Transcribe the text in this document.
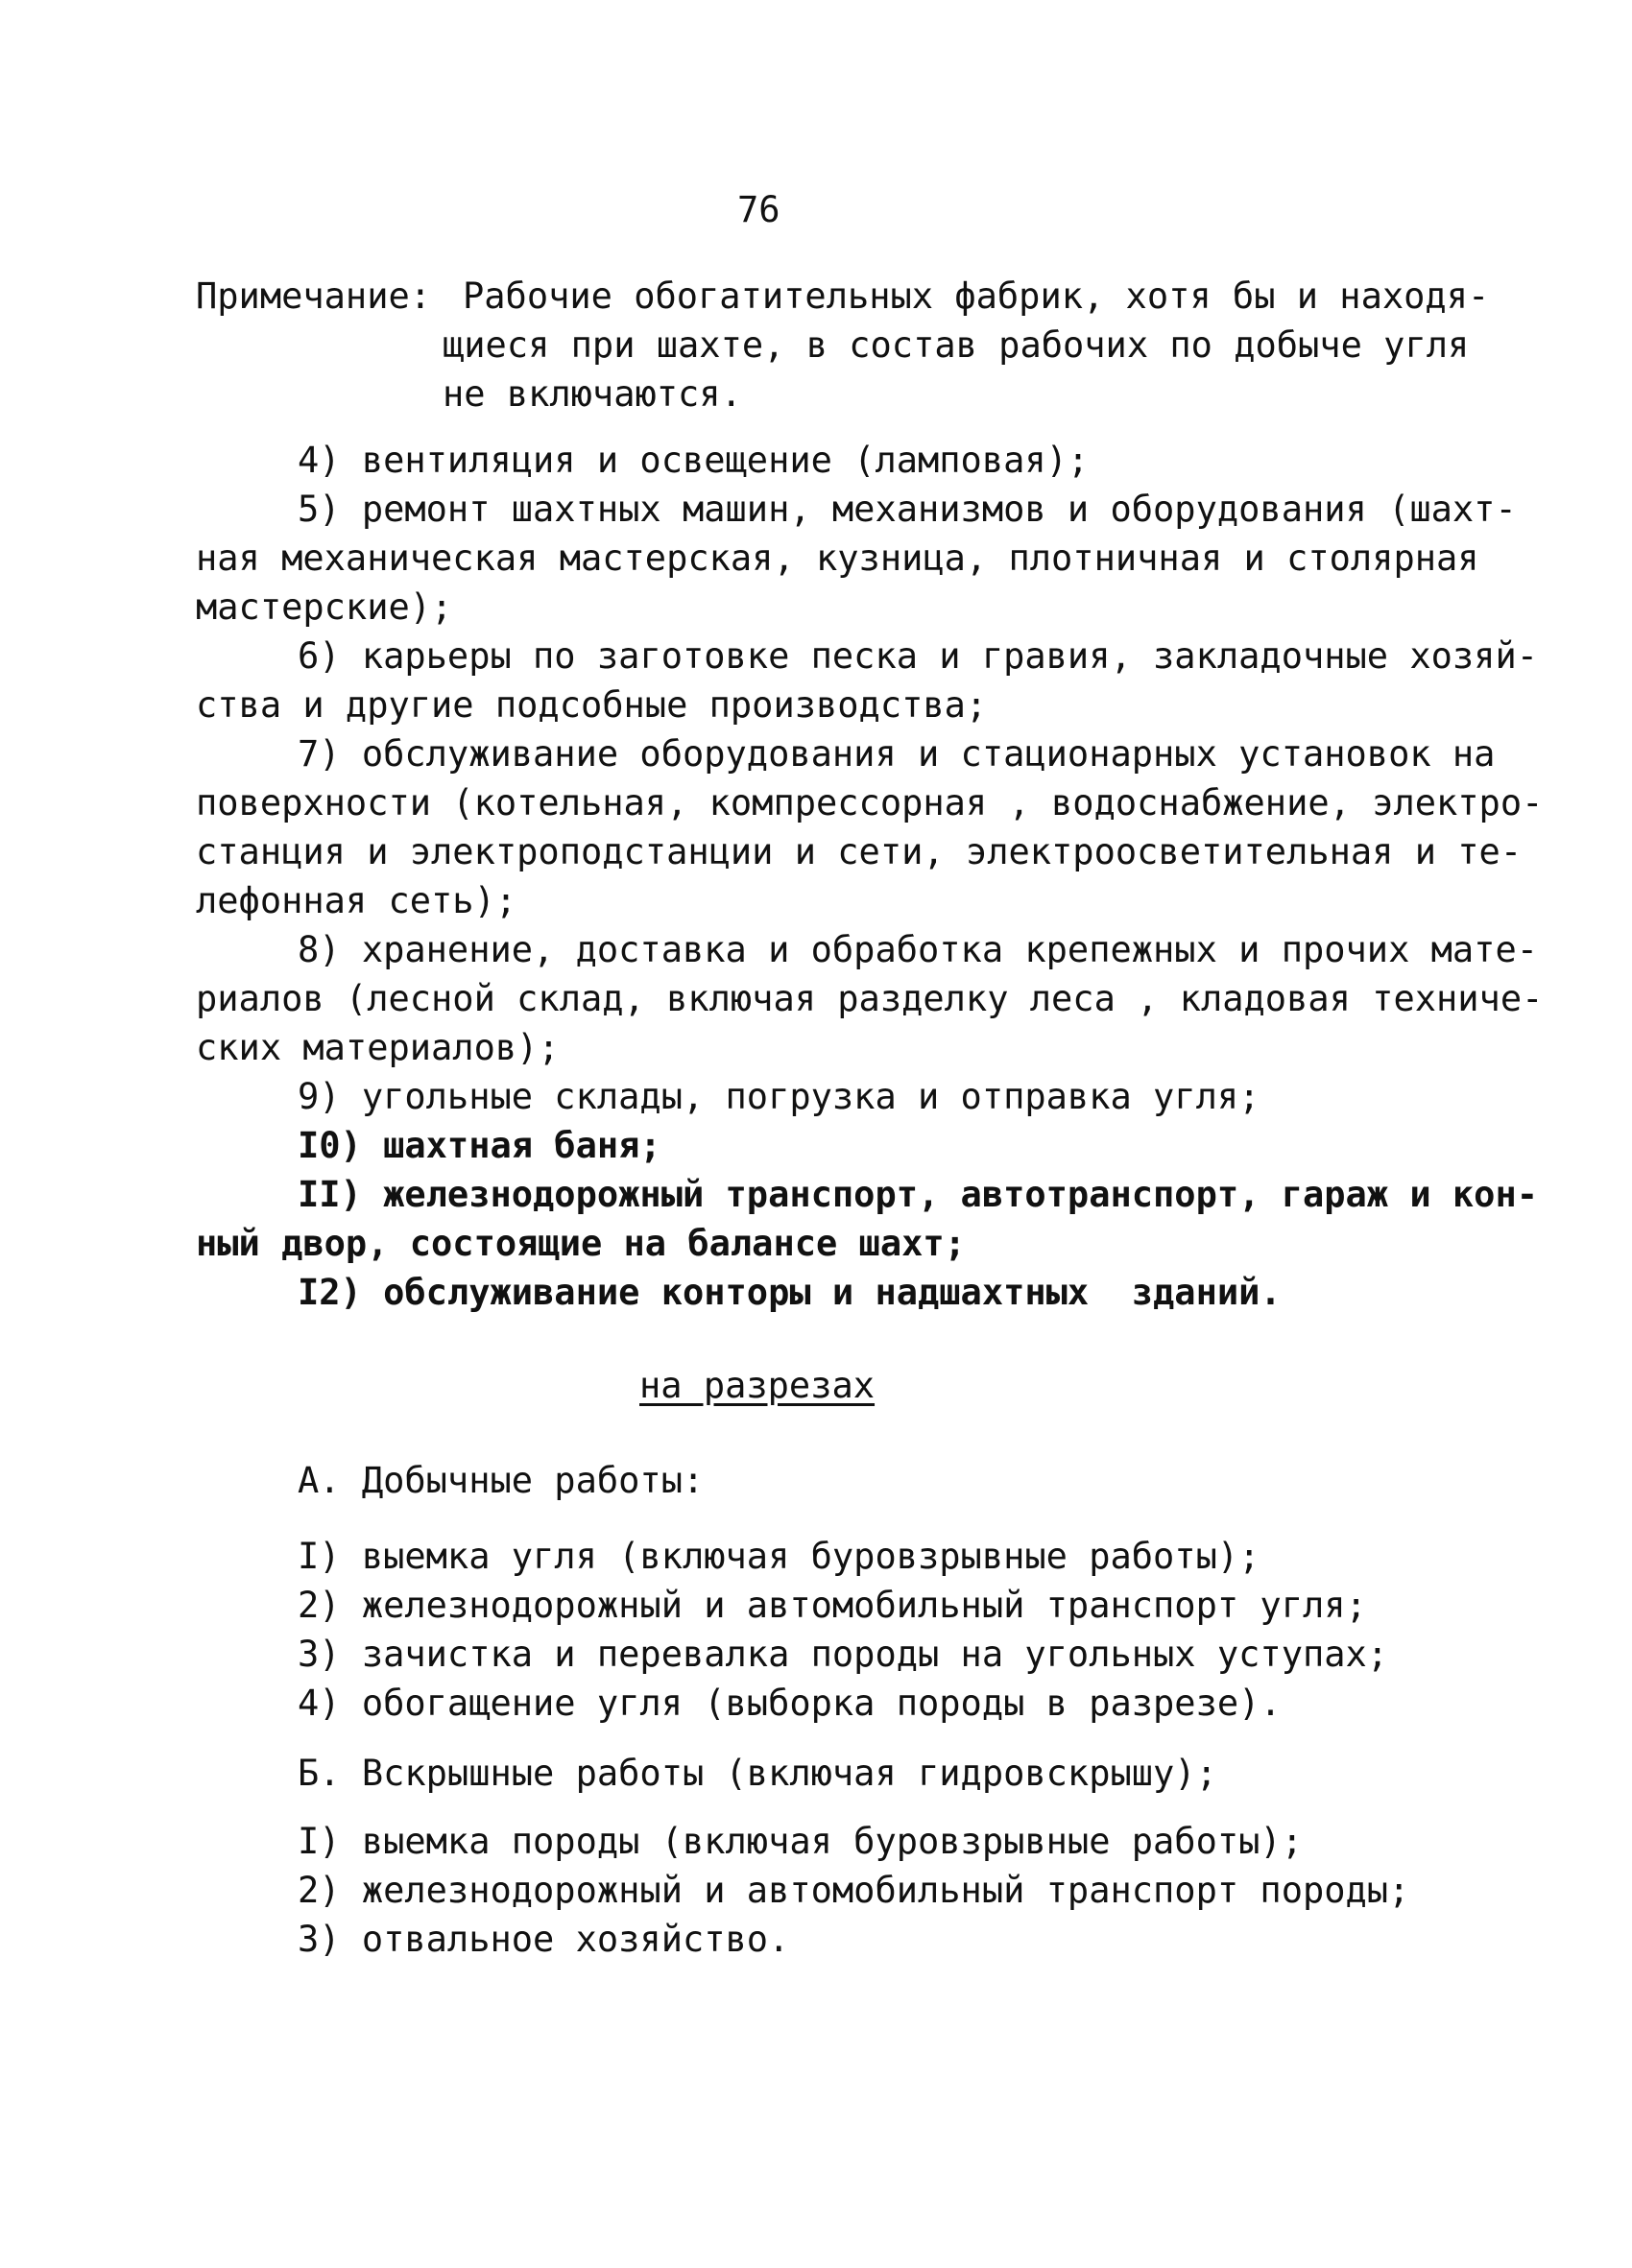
76
Примечание: Рабочие обогатительных фабрик, хотя бы и находя-
щиеся при шахте, в состав рабочих по добыче угля
не включаются.
4) вентиляция и освещение (ламповая);
5) ремонт шахтных машин, механизмов и оборудования (шахт-
ная механическая мастерская, кузница, плотничная и столярная
мастерские);
6) карьеры по заготовке песка и гравия, закладочные хозяй-
ства и другие подсобные производства;
7) обслуживание оборудования и стационарных установок на
поверхности (котельная, компрессорная , водоснабжение, электро-
станция и электроподстанции и сети, электроосветительная и те-
лефонная сеть);
8) хранение, доставка и обработка крепежных и прочих мате-
риалов (лесной склад, включая разделку леса , кладовая техниче-
ских материалов);
9) угольные склады, погрузка и отправка угля;
I0) шахтная баня;
II) железнодорожный транспорт, автотранспорт, гараж и кон-
ный двор, состоящие на балансе шахт;
I2) обслуживание конторы и надшахтных  зданий.
на разрезах
А. Добычные работы:
I) выемка угля (включая буровзрывные работы);
2) железнодорожный и автомобильный транспорт угля;
3) зачистка и перевалка породы на угольных уступах;
4) обогащение угля (выборка породы в разрезе).
Б. Вскрышные работы (включая гидровскрышу);
I) выемка породы (включая буровзрывные работы);
2) железнодорожный и автомобильный транспорт породы;
3) отвальное хозяйство.
